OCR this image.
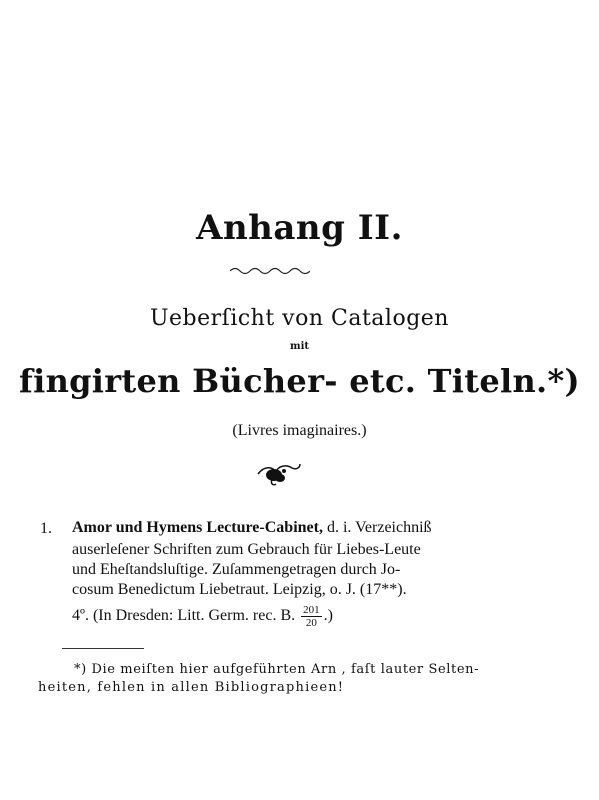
Anhang II.
Ueberſicht von Catalogen
mit
fingirten Bücher- etc. Titeln.*)
(Livres imaginaires.)
1. Amor und Hymens Lecture-Cabinet, d. i. Verzeichniß
auserleſener Schriften zum Gebrauch für Liebes-Leute
und Eheſtandsluſtige. Zuſammengetragen durch Jo-
cosum Benedictum Liebetraut. Leipzig, o. J. (17**).
4º. (In Dresden: Litt. Germ. rec. B. $\frac{201}{20}$ .)
*) Die meiſten hier aufgeführten Arn , faſt lauter Selten-
heiten, fehlen in allen Bibliographieen!
